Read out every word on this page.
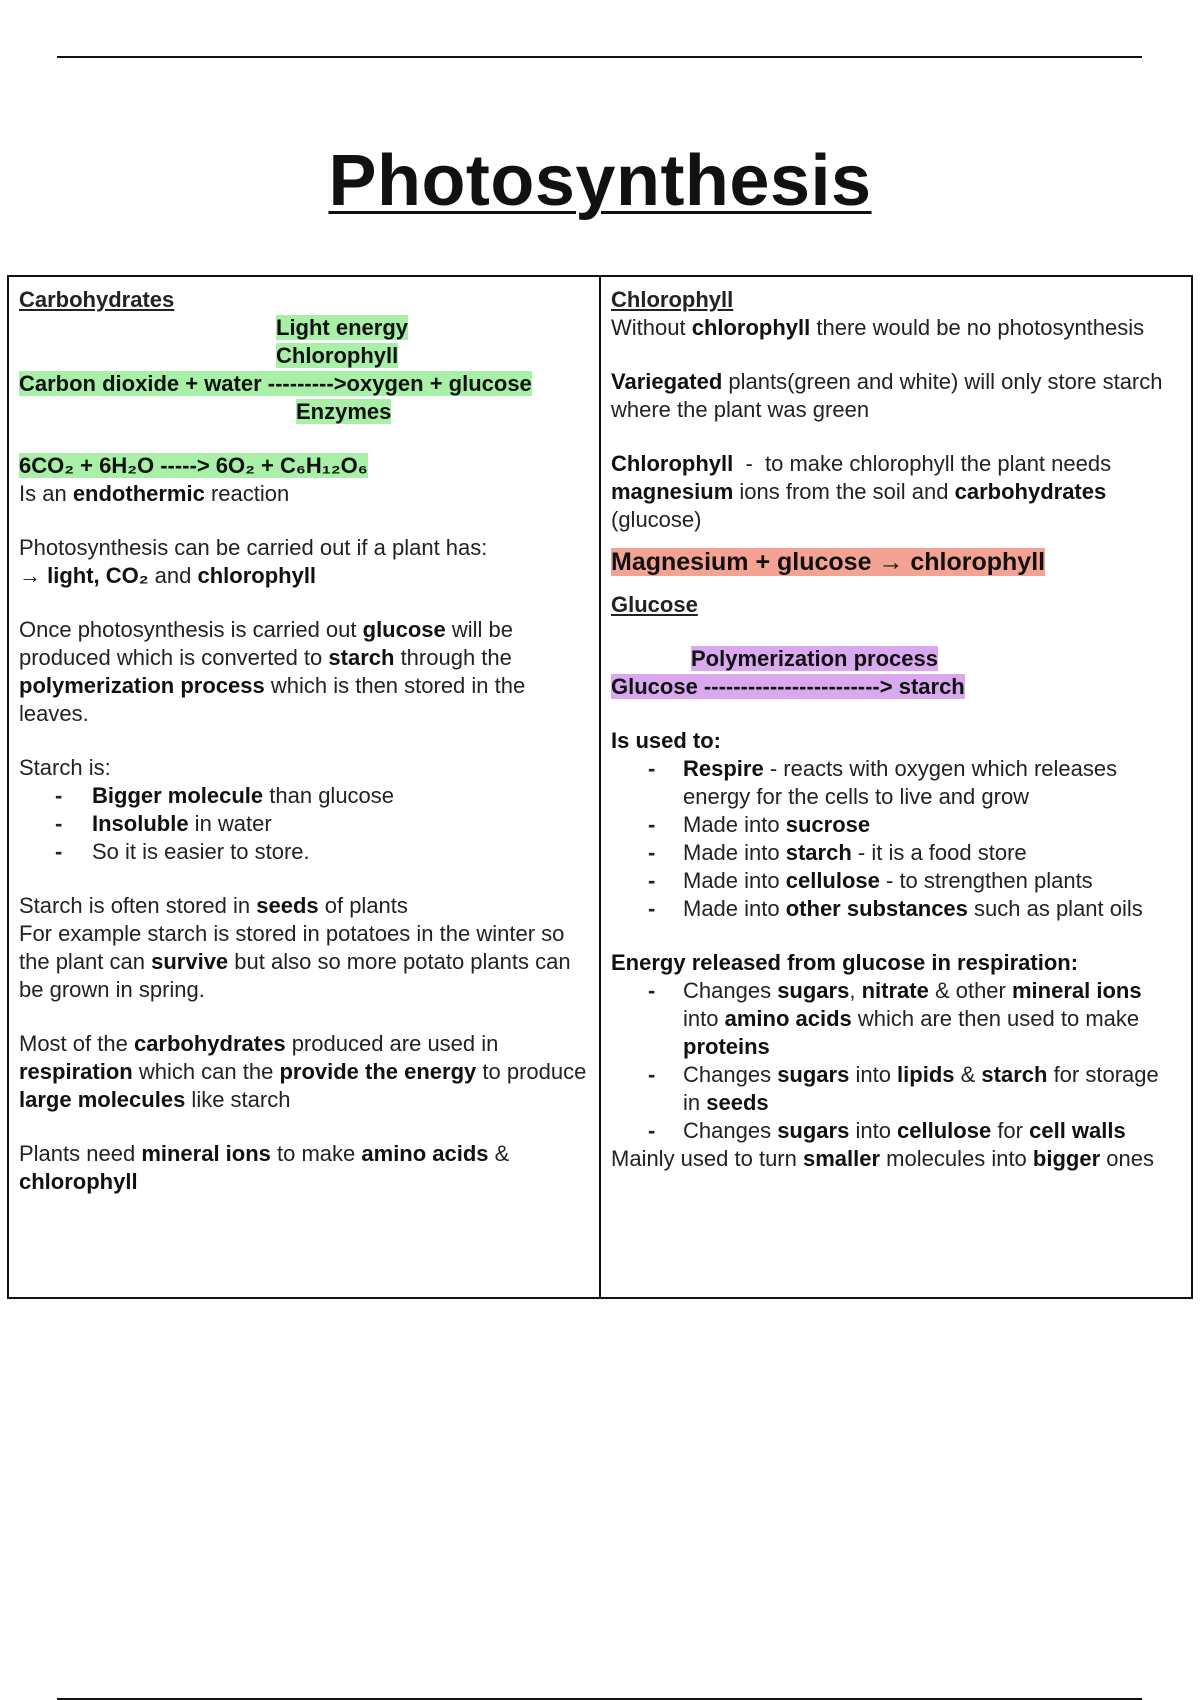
Photosynthesis

Carbohydrates

Light energy

Chlorophyll

Carbon dioxide + water --------->oxygen + glucose

Enzymes

6CO₂ + 6H₂O -----> 6O₂ + C₆H₁₂O₆

Is an endothermic reaction

Photosynthesis can be carried out if a plant has:

→ light, CO₂ and chlorophyll

Once photosynthesis is carried out glucose will be produced which is converted to starch through the polymerization process which is then stored in the leaves.

Starch is:

- Bigger molecule than glucose
- Insoluble in water
- So it is easier to store.

Starch is often stored in seeds of plants

For example starch is stored in potatoes in the winter so the plant can survive but also so more potato plants can be grown in spring.

Most of the carbohydrates produced are used in respiration which can the provide the energy to produce large molecules like starch

Plants need mineral ions to make amino acids & chlorophyll

Chlorophyll

Without chlorophyll there would be no photosynthesis

Variegated plants(green and white) will only store starch where the plant was green

Chlorophyll  -  to make chlorophyll the plant needs magnesium ions from the soil and carbohydrates (glucose)

Magnesium + glucose → chlorophyll

Glucose

Polymerization process

Glucose ------------------------> starch

Is used to:

- Respire - reacts with oxygen which releases energy for the cells to live and grow
- Made into sucrose
- Made into starch - it is a food store
- Made into cellulose - to strengthen plants
- Made into other substances such as plant oils

Energy released from glucose in respiration:

- Changes sugars, nitrate & other mineral ions into amino acids which are then used to make proteins
- Changes sugars into lipids & starch for storage in seeds
- Changes sugars into cellulose for cell walls

Mainly used to turn smaller molecules into bigger ones
